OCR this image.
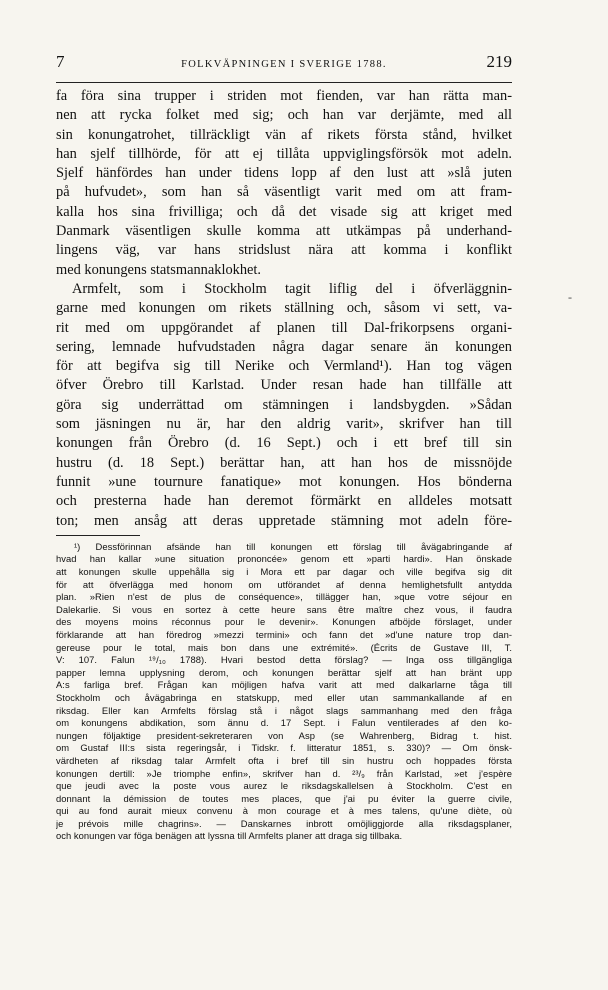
7	FOLKVÄPNINGEN I SVERIGE 1788.	219
fa föra sina trupper i striden mot fienden, var han rätta man-
nen att rycka folket med sig; och han var derjämte, med all
sin konungatrohet, tillräckligt vän af rikets första stånd, hvilket
han sjelf tillhörde, för att ej tillåta uppviglingsförsök mot adeln.
Sjelf hänfördes han under tidens lopp af den lust att »slå juten
på hufvudet», som han så väsentligt varit med om att fram-
kalla hos sina frivilliga; och då det visade sig att kriget med
Danmark väsentligen skulle komma att utkämpas på underhand-
lingens väg, var hans stridslust nära att komma i konflikt
med konungens statsmannaklokhet.
Armfelt, som i Stockholm tagit liflig del i öfverläggnin-
garne med konungen om rikets ställning och, såsom vi sett, va-
rit med om uppgörandet af planen till Dal-frikorpsens organi-
sering, lemnade hufvudstaden några dagar senare än konungen
för att begifva sig till Nerike och Vermland¹). Han tog vägen
öfver Örebro till Karlstad. Under resan hade han tillfälle att
göra sig underrättad om stämningen i landsbygden. »Sådan
som jäsningen nu är, har den aldrig varit», skrifver han till
konungen från Örebro (d. 16 Sept.) och i ett bref till sin
hustru (d. 18 Sept.) berättar han, att han hos de missnöjde
funnit »une tournure fanatique» mot konungen. Hos bönderna
och presterna hade han deremot förmärkt en alldeles motsatt
ton; men ansåg att deras uppretade stämning mot adeln före-
¹) Dessförinnan afsände han till konungen ett förslag till åvägabringande af
hvad han kallar »une situation prononcée» genom ett »parti hardi». Han önskade
att konungen skulle uppehålla sig i Mora ett par dagar och ville begifva sig dit
för att öfverlägga med honom om utförandet af denna hemlighetsfullt antydda
plan. »Rien n'est de plus de conséquence», tillägger han, »que votre séjour en
Dalekarlie. Si vous en sortez à cette heure sans être maître chez vous, il faudra
des moyens moins réconnus pour le devenir». Konungen afböjde förslaget, under
förklarande att han föredrog »mezzi termini» och fann det »d'une nature trop dan-
gereuse pour le total, mais bon dans une extrémité». (Écrits de Gustave III, T.
V: 107. Falun ¹⁹/₁₀ 1788). Hvari bestod detta förslag? — Inga oss tillgängliga
papper lemna upplysning derom, och konungen berättar sjelf att han bränt upp
A:s farliga bref. Frågan kan möjligen hafva varit att med dalkarlarne tåga till
Stockholm och åvägabringa en statskupp, med eller utan sammankallande af en
riksdag. Eller kan Armfelts förslag stå i något slags sammanhang med den fråga
om konungens abdikation, som ännu d. 17 Sept. i Falun ventilerades af den ko-
nungen följaktige president-sekreteraren von Asp (se Wahrenberg, Bidrag t. hist.
om Gustaf III:s sista regeringsår, i Tidskr. f. litteratur 1851, s. 330)? — Om önsk-
värdheten af riksdag talar Armfelt ofta i bref till sin hustru och hoppades första
konungen dertill: »Je triomphe enfin», skrifver han d. ²³/₉ från Karlstad, »et j'espère
que jeudi avec la poste vous aurez le riksdagskallelsen à Stockholm. C'est en
donnant la démission de toutes mes places, que j'ai pu éviter la guerre civile,
qui au fond aurait mieux convenu à mon courage et à mes talens, qu'une diète, où
je prévois mille chagrins». — Danskarnes inbrott omöjliggjorde alla riksdagsplaner,
och konungen var föga benägen att lyssna till Armfelts planer att draga sig tillbaka.
-
